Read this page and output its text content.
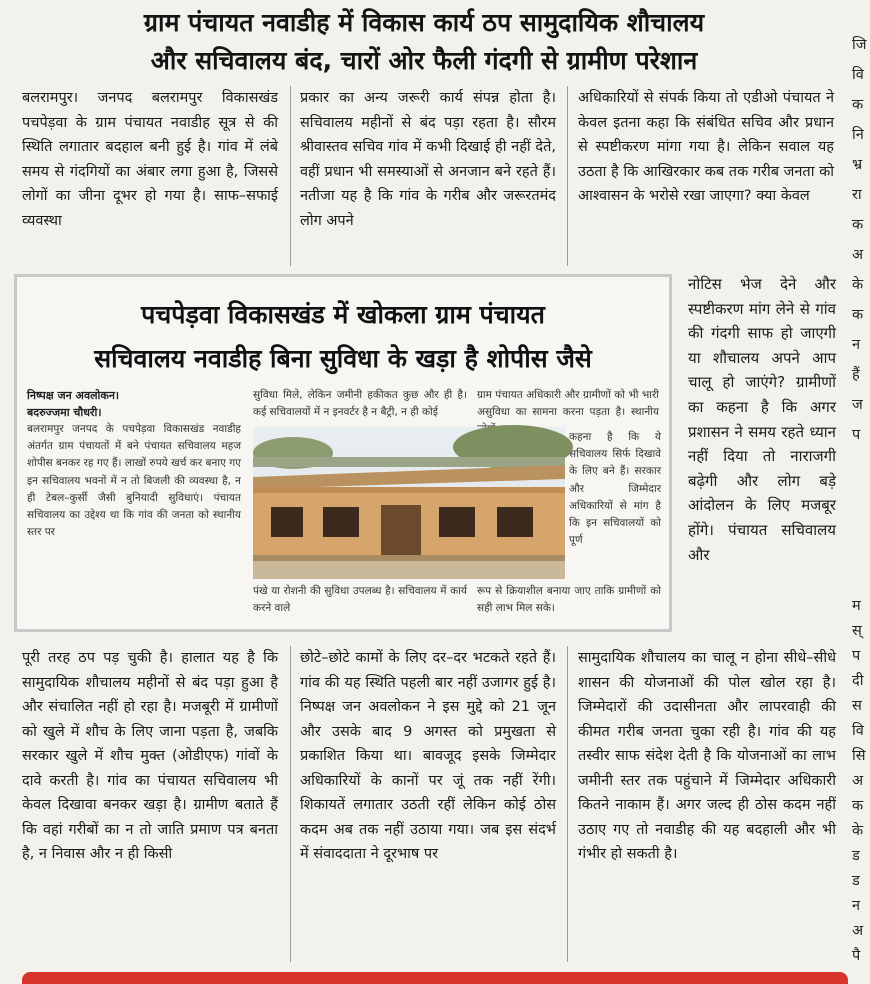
ग्राम पंचायत नवाडीह में विकास कार्य ठप सामुदायिक शौचालय
और सचिवालय बंद, चारों ओर फैली गंदगी से ग्रामीण परेशान

बलरामपुर। जनपद बलरामपुर विकासखंड पचपेड़वा के ग्राम पंचायत नवाडीह सूत्र से की स्थिति लगातार बदहाल बनी हुई है। गांव में लंबे समय से गंदगियों का अंबार लगा हुआ है, जिससे लोगों का जीना दूभर हो गया है। साफ–सफाई व्यवस्था

प्रकार का अन्य जरूरी कार्य संपन्न होता है। सचिवालय महीनों से बंद पड़ा रहता है। सौरम श्रीवास्तव सचिव गांव में कभी दिखाई ही नहीं देते, वहीं प्रधान भी समस्याओं से अनजान बने रहते हैं। नतीजा यह है कि गांव के गरीब और जरूरतमंद लोग अपने

अधिकारियों से संपर्क किया तो एडीओ पंचायत ने केवल इतना कहा कि संबंधित सचिव और प्रधान से स्पष्टीकरण मांगा गया है। लेकिन सवाल यह उठता है कि आखिरकार कब तक गरीब जनता को आश्वासन के भरोसे रखा जाएगा? क्या केवल

नोटिस भेज देने और स्पष्टीकरण मांग लेने से गांव की गंदगी साफ हो जाएगी या शौचालय अपने आप चालू हो जाएंगे? ग्रामीणों का कहना है कि अगर प्रशासन ने समय रहते ध्यान नहीं दिया तो नाराजगी बढ़ेगी और लोग बड़े आंदोलन के लिए मजबूर होंगे। पंचायत सचिवालय और

पचपेड़वा विकासखंड में खोकला ग्राम पंचायत
सचिवालय नवाडीह बिना सुविधा के खड़ा है शोपीस जैसे
निष्पक्ष जन अवलोकन।
बदरुज्जमा चौधरी।
बलरामपुर जनपद के पचपेड़वा विकासखंड नवाडीह अंतर्गत ग्राम पंचायतों में बने पंचायत सचिवालय महज शोपीस बनकर रह गए हैं। लाखों रुपये खर्च कर बनाए गए इन सचिवालय भवनों में न तो बिजली की व्यवस्था है, न ही टेबल–कुर्सी जैसी बुनियादी सुविधाएं। पंचायत सचिवालय का उद्देश्य था कि गांव की जनता को स्थानीय स्तर पर
सुविधा मिले, लेकिन जमीनी हकीकत कुछ और ही है। कई सचिवालयों में न इनवर्टर है न बैट्री, न ही कोई
ग्राम पंचायत अधिकारी और ग्रामीणों को भी भारी असुविधा का सामना करना पड़ता है। स्थानीय
कहना है कि ये सचिवालय सिर्फ दिखावे के लिए बने हैं। सरकार और जिम्मेदार अधिकारियों से मांग है कि इन सचिवालयों को पूर्ण
पंखे या रोशनी की सुविधा उपलब्ध है। सचिवालय में कार्य करने वाले
रूप से क्रियाशील बनाया जाए ताकि ग्रामीणों को सही लाभ मिल सके।

पूरी तरह ठप पड़ चुकी है। हालात यह है कि सामुदायिक शौचालय महीनों से बंद पड़ा हुआ है और संचालित नहीं हो रहा है। मजबूरी में ग्रामीणों को खुले में शौच के लिए जाना पड़ता है, जबकि सरकार खुले में शौच मुक्त (ओडीएफ) गांवों के दावे करती है। गांव का पंचायत सचिवालय भी केवल दिखावा बनकर खड़ा है। ग्रामीण बताते हैं कि वहां गरीबों का न तो जाति प्रमाण पत्र बनता है, न निवास और न ही किसी

छोटे–छोटे कामों के लिए दर–दर भटकते रहते हैं। गांव की यह स्थिति पहली बार नहीं उजागर हुई है। निष्पक्ष जन अवलोकन ने इस मुद्दे को 21 जून और उसके बाद 9 अगस्त को प्रमुखता से प्रकाशित किया था। बावजूद इसके जिम्मेदार अधिकारियों के कानों पर जूं तक नहीं रेंगी। शिकायतें लगातार उठती रहीं लेकिन कोई ठोस कदम अब तक नहीं उठाया गया। जब इस संदर्भ में संवाददाता ने दूरभाष पर

सामुदायिक शौचालय का चालू न होना सीधे–सीधे शासन की योजनाओं की पोल खोल रहा है। जिम्मेदारों की उदासीनता और लापरवाही की कीमत गरीब जनता चुका रही है। गांव की यह तस्वीर साफ संदेश देती है कि योजनाओं का लाभ जमीनी स्तर तक पहुंचाने में जिम्मेदार अधिकारी कितने नाकाम हैं। अगर जल्द ही ठोस कदम नहीं उठाए गए तो नवाडीह की यह बदहाली और भी गंभीर हो सकती है।

जि
वि
क
नि
भ्र
रा
क
अ
के
क
न
हैं
ज
प
म
स्
प
दी
स
वि
सि
अ
क
के
ड
ड
न
अ
पै
